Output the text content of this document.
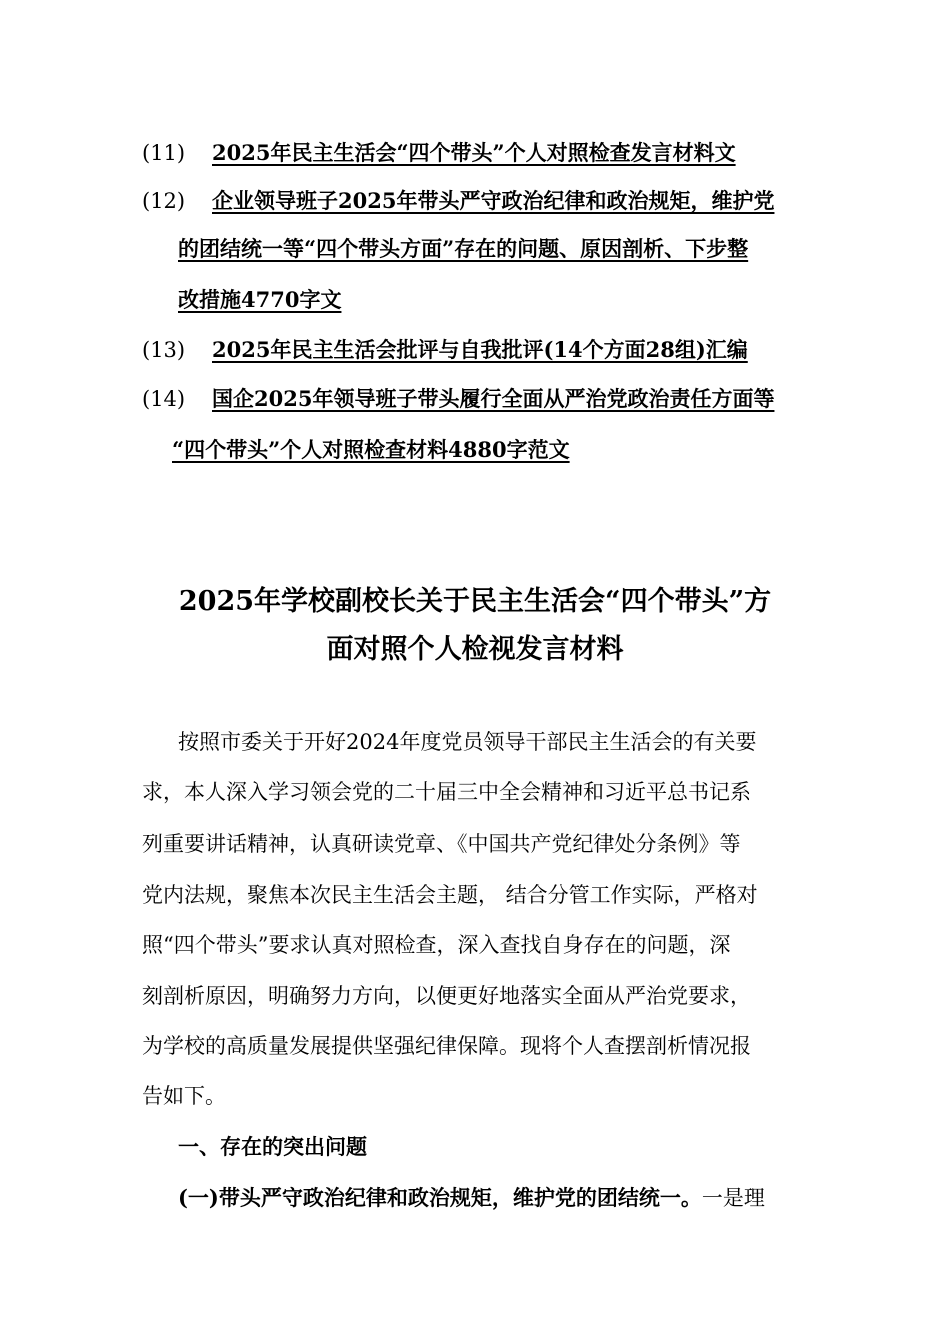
(11) 2025年民主生活会“四个带头”个人对照检查发言材料文
(12) 企业领导班子2025年带头严守政治纪律和政治规矩，维护党
的团结统一等“四个带头方面”存在的问题、原因剖析、下步整
改措施4770字文
(13) 2025年民主生活会批评与自我批评(14个方面28组)汇编
(14) 国企2025年领导班子带头履行全面从严治党政治责任方面等
“四个带头”个人对照检查材料4880字范文
2025年学校副校长关于民主生活会“四个带头”方
面对照个人检视发言材料
按照市委关于开好2024年度党员领导干部民主生活会的有关要
求，本人深入学习领会党的二十届三中全会精神和习近平总书记系
列重要讲话精神，认真研读党章、《中国共产党纪律处分条例》等
党内法规，聚焦本次民主生活会主题， 结合分管工作实际，严格对
照“四个带头”要求认真对照检查，深入查找自身存在的问题，深
刻剖析原因，明确努力方向，以便更好地落实全面从严治党要求，
为学校的高质量发展提供坚强纪律保障。现将个人查摆剖析情况报
告如下。
一、存在的突出问题
(一)带头严守政治纪律和政治规矩，维护党的团结统一。一是理
